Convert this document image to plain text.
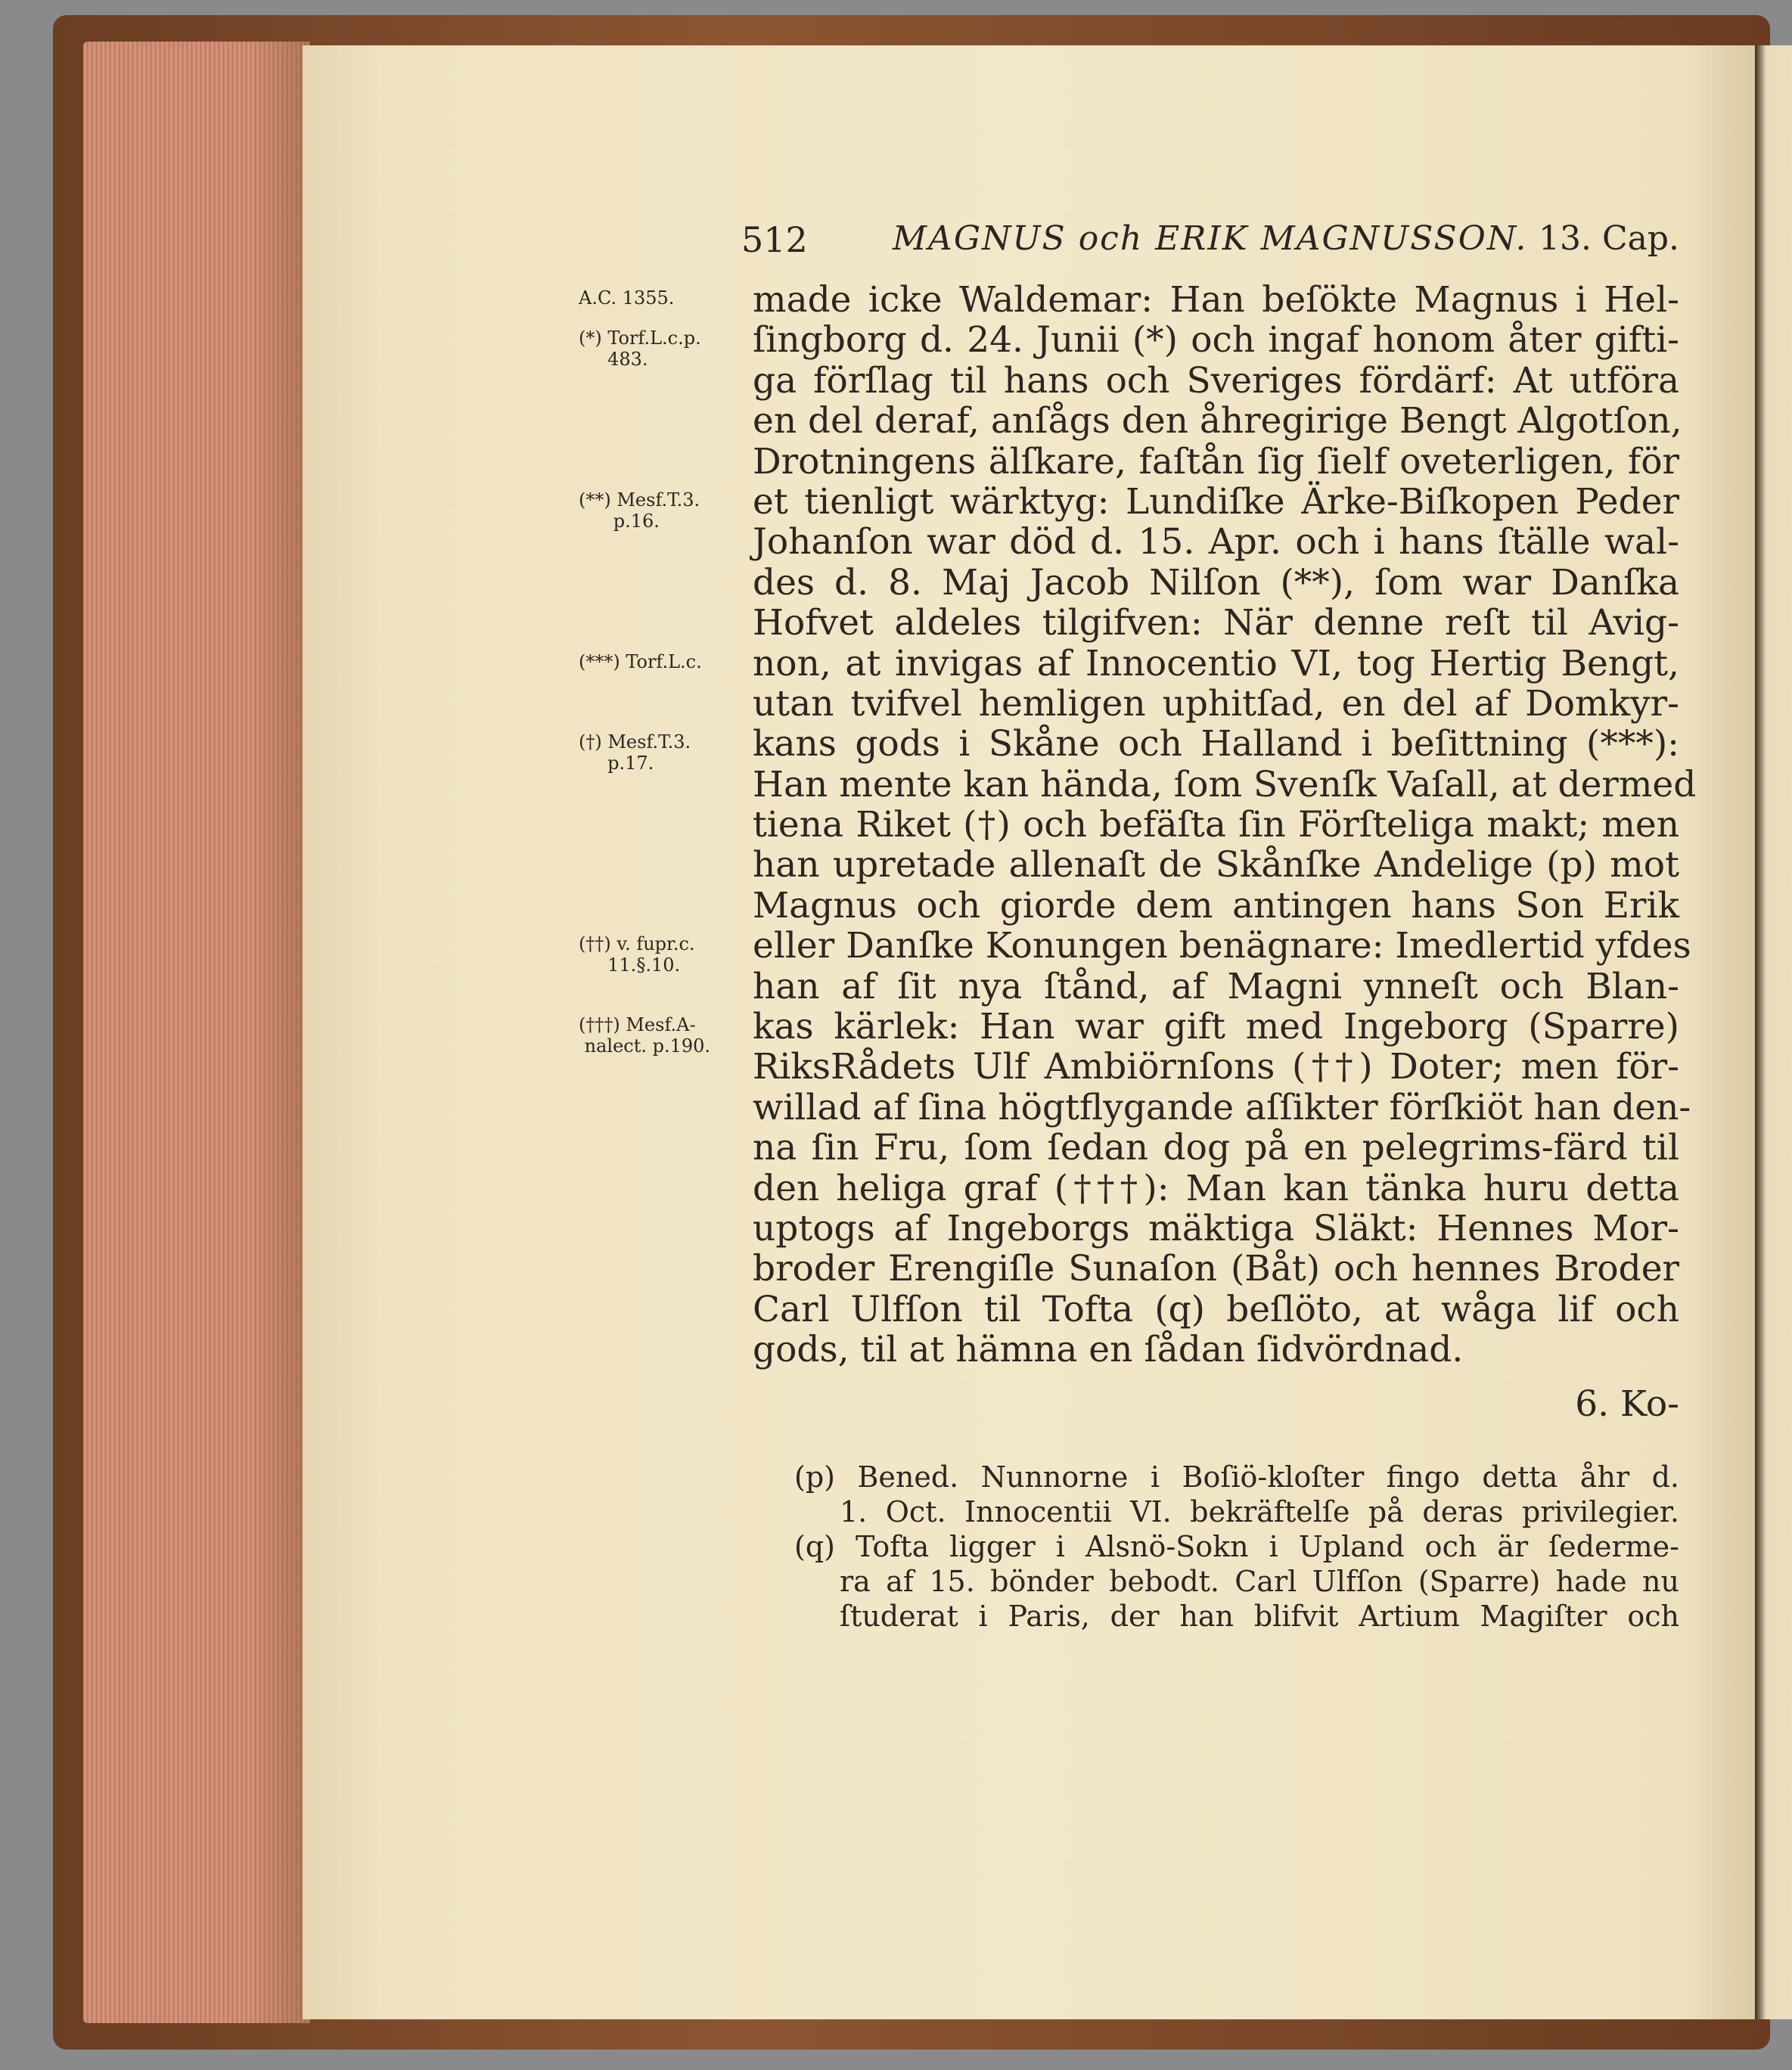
512	MAGNUS och ERIK MAGNUSSON. 13. Cap.
A.C. 1355.
(*) Torf.L.c.p.
483.
(**) Mesf.T.3.
p.16.
(***) Torf.L.c.
(†) Mesf.T.3.
p.17.
(††) v. fupr.c.
11.§.10.
(†††) Mesf.A-
nalect. p.190.
made icke Waldemar: Han beſökte Magnus i Hel-
ſingborg d. 24. Junii (*) och ingaf honom åter gifti-
ga förſlag til hans och Sveriges fördärf: At utföra
en del deraf, anſågs den åhregirige Bengt Algotſon,
Drotningens älſkare, faſtån ſig ſielf oveterligen, för
et tienligt wärktyg: Lundiſke Ärke-Biſkopen Peder
Johanſon war död d. 15. Apr. och i hans ſtälle wal-
des d. 8. Maj Jacob Nilſon (**), ſom war Danſka
Hofvet aldeles tilgifven: När denne reſt til Avig-
non, at invigas af Innocentio VI, tog Hertig Bengt,
utan tvifvel hemligen uphitſad, en del af Domkyr-
kans gods i Skåne och Halland i beſittning (***):
Han mente kan hända, ſom Svenſk Vaſall, at dermed
tiena Riket (†) och befäſta ſin Förſteliga makt; men
han upretade allenaſt de Skånſke Andelige (p) mot
Magnus och giorde dem antingen hans Son Erik
eller Danſke Konungen benägnare: Imedlertid yfdes
han af ſit nya ſtånd, af Magni ynneſt och Blan-
kas kärlek: Han war gift med Ingeborg (Sparre)
RiksRådets Ulf Ambiörnſons (††) Doter; men för-
willad af ſina högtflygande aſſikter förſkiöt han den-
na ſin Fru, ſom ſedan dog på en pelegrims-färd til
den heliga graf (†††): Man kan tänka huru detta
uptogs af Ingeborgs mäktiga Släkt: Hennes Mor-
broder Erengiſle Sunaſon (Båt) och hennes Broder
Carl Ulfſon til Tofta (q) beſlöto, at wåga lif och
gods, til at hämna en ſådan ſidvördnad.
6. Ko-
(p) Bened. Nunnorne i Boſiö-kloſter fingo detta åhr d.
1. Oct. Innocentii VI. bekräftelſe på deras privilegier.
(q) Tofta ligger i Alsnö-Sokn i Upland och är ſederme-
ra af 15. bönder bebodt. Carl Ulfſon (Sparre) hade nu
ſtuderat i Paris, der han blifvit Artium Magiſter och
